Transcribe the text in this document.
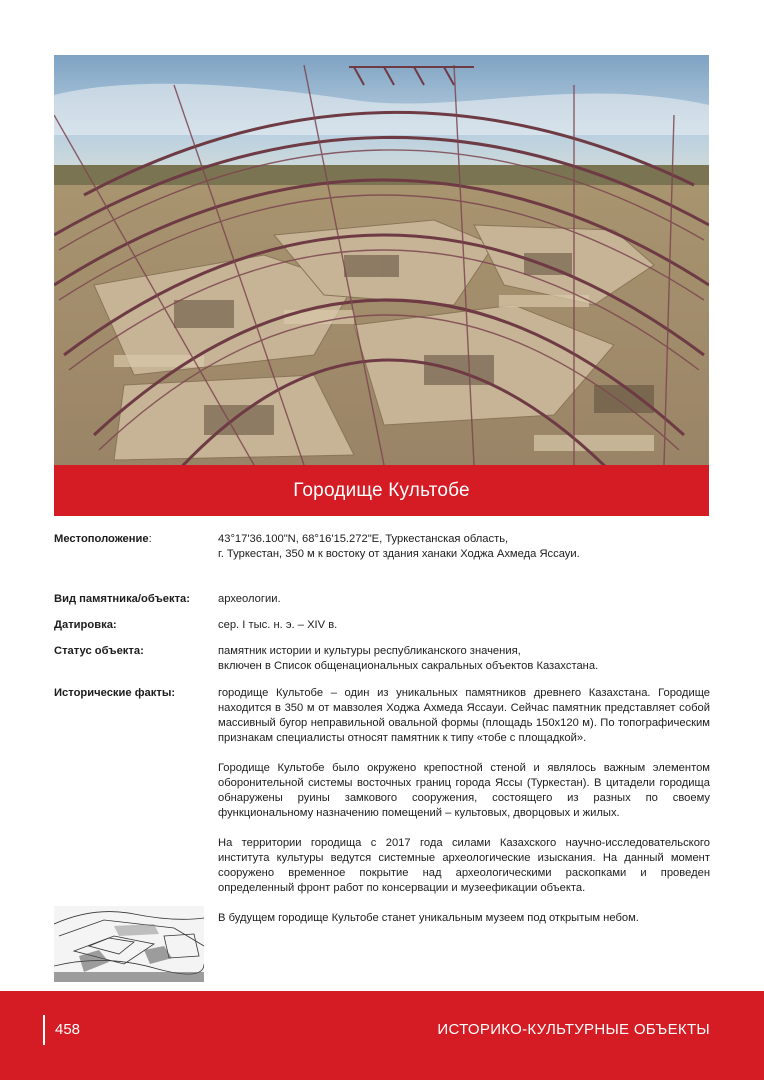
Городище Культобе
Местоположение:	43°17'36.100"N, 68°16'15.272"E, Туркестанская область,

г. Туркестан, 350 м к востоку от здания ханаки Ходжа Ахмеда Яссауи.

Вид памятника/объекта:	археологии.

Датировка:	сер. I тыс. н. э. – XIV в.

Статус объекта:	памятник истории и культуры республиканского значения,

включен в Список общенациональных сакральных объектов Казахстана.

Исторические факты:	городище Культобе – один из уникальных памятников древнего Казахстана. Городище находится в 350 м от мавзолея Ходжа Ахмеда Яссауи. Сейчас памятник представляет собой массивный бугор неправильной овальной формы (площадь 150x120 м). По топографическим признакам специалисты относят памятник к типу «тобе с площадкой».

Городище Культобе было окружено крепостной стеной и являлось важным элементом оборонительной системы восточных границ города Яссы (Туркестан). В цитадели городища обнаружены руины замкового сооружения, состоящего из разных по своему функциональному назначению помещений – культовых, дворцовых и жилых.

На территории городища с 2017 года силами Казахского научно-исследовательского института культуры ведутся системные археологические изыскания. На данный момент сооружено временное покрытие над археологическими раскопками и проведен определенный фронт работ по консервации и музеефикации объекта.

В будущем городище Культобе станет уникальным музеем под открытым небом.

458	ИСТОРИКО-КУЛЬТУРНЫЕ ОБЪЕКТЫ
